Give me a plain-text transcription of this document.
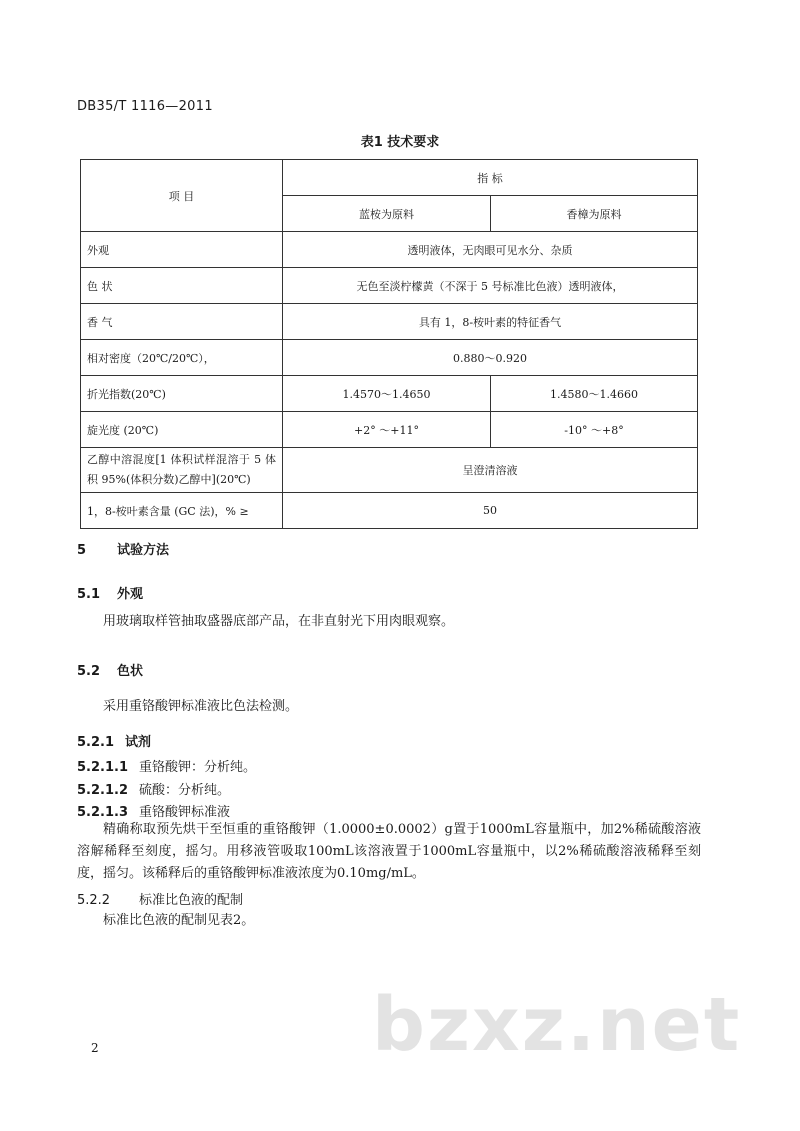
DB35/T 1116—2011
表1 技术要求
项 目	指 标	
	蓝桉为原料	香樟为原料
外观	透明液体，无肉眼可见水分、杂质	
色 状	无色至淡柠檬黄（不深于 5 号标准比色液）透明液体，	
香 气	具有 1，8-桉叶素的特征香气	
相对密度（20℃/20℃），	0.880～0.920	
折光指数(20℃)	1.4570～1.4650	1.4580～1.4660
旋光度 (20℃)	+2° ～+11°	-10° ～+8°
乙醇中溶混度[1 体积试样混溶于 5 体积 95%(体积分数)乙醇中](20℃)	呈澄清溶液	
1，8-桉叶素含量 (GC 法)，% ≥	50	
5 试验方法
5.1 外观
用玻璃取样管抽取盛器底部产品，在非直射光下用肉眼观察。
5.2 色状
采用重铬酸钾标准液比色法检测。
5.2.1 试剂
5.2.1.1 重铬酸钾：分析纯。
5.2.1.2 硫酸：分析纯。
5.2.1.3 重铬酸钾标准液
精确称取预先烘干至恒重的重铬酸钾（1.0000±0.0002）g置于1000mL容量瓶中，加2%稀硫酸溶液溶解稀释至刻度，摇匀。用移液管吸取100mL该溶液置于1000mL容量瓶中，以2%稀硫酸溶液稀释至刻度，摇匀。该稀释后的重铬酸钾标准液浓度为0.10mg/mL。
5.2.2 标准比色液的配制
标准比色液的配制见表2。
bzxz.net
2
